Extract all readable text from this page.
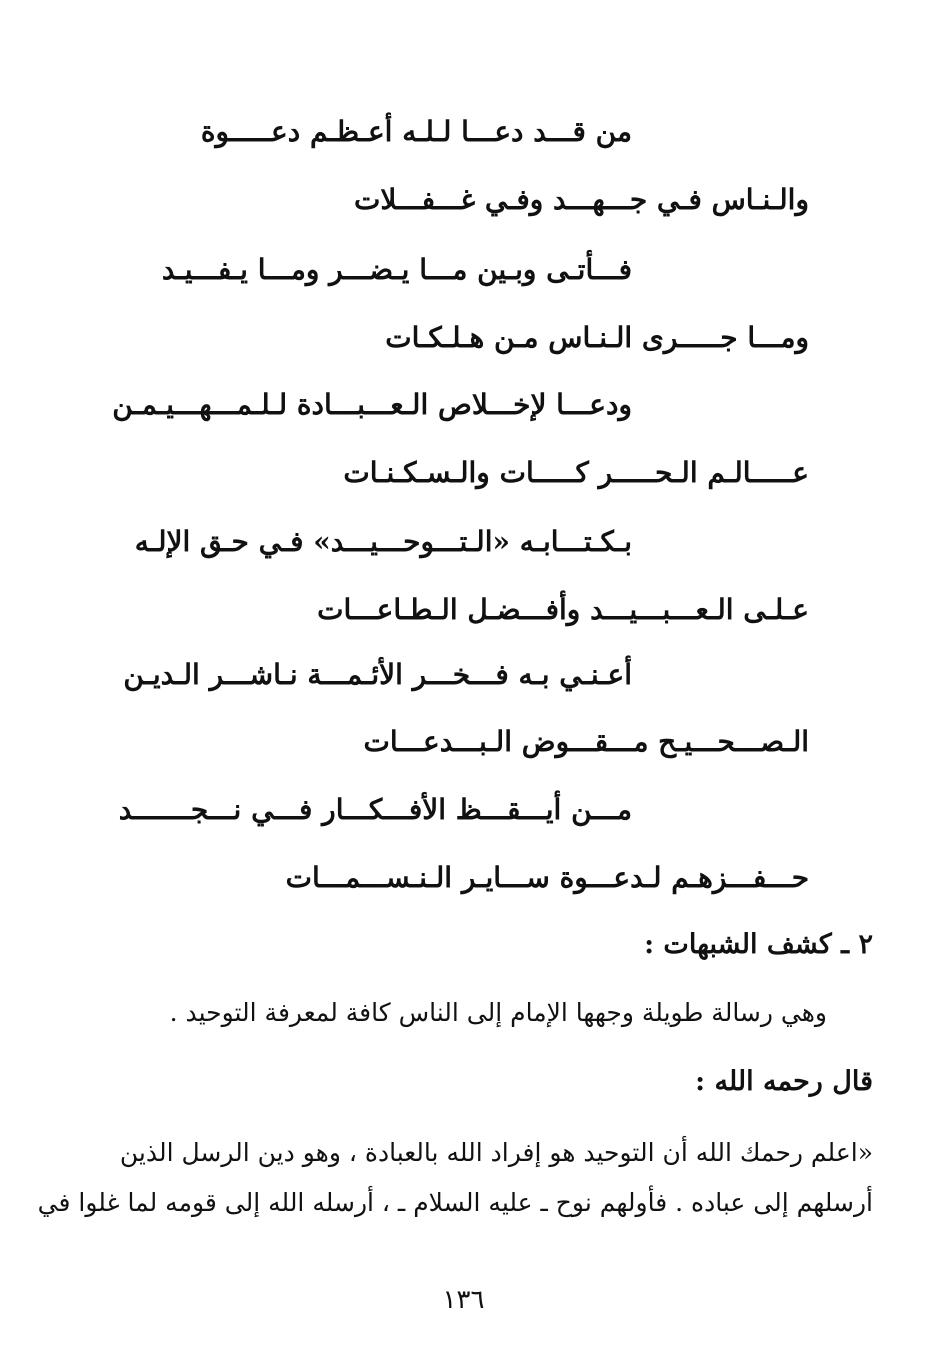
من قـــد دعـــا لـلـه أعـظـم دعـــــوة
والـنـاس فـي جـــهـــد وفـي غـــفـــلات
فـــأتـى وبـين مـــا يـضـــر ومـــا يـفـــيـد
ومـــا جـــــرى الـنـاس مـن هـلـكـات
ودعـــا لإخـــلاص الـعـــبـــادة لـلـمـــهـــيـمـن
عـــــالـم الـحـــــر كـــــات والـسـكـنـات
بـكـتـــابـه «الـتـــوحـــيـــد» فـي حـق الإلـه
عـلـى الـعـــبـــيـــد وأفـــضـل الـطـاعـــات
أعـنـي بـه فـــخـــر الأئـمـــة نـاشـــر الـديـن
الـصـــحـــيـح مـــقـــوض الـبـــدعـــات
مـــن أيـــقـــظ الأفـــكـــار فـــي نـــجـــــــد
حـــفـــزهـم لـدعـــوة ســـايـر الـنـســـمـــات
٢ ـ كشف الشبهات :
وهي رسالة طويلة وجهها الإمام إلى الناس كافة لمعرفة التوحيد .
قال رحمه الله :
«اعلم رحمك الله أن التوحيد هو إفراد الله بالعبادة ، وهو دين الرسل الذين
أرسلهم إلى عباده . فأولهم نوح ـ عليه السلام ـ ، أرسله الله إلى قومه لما غلوا في
١٣٦
